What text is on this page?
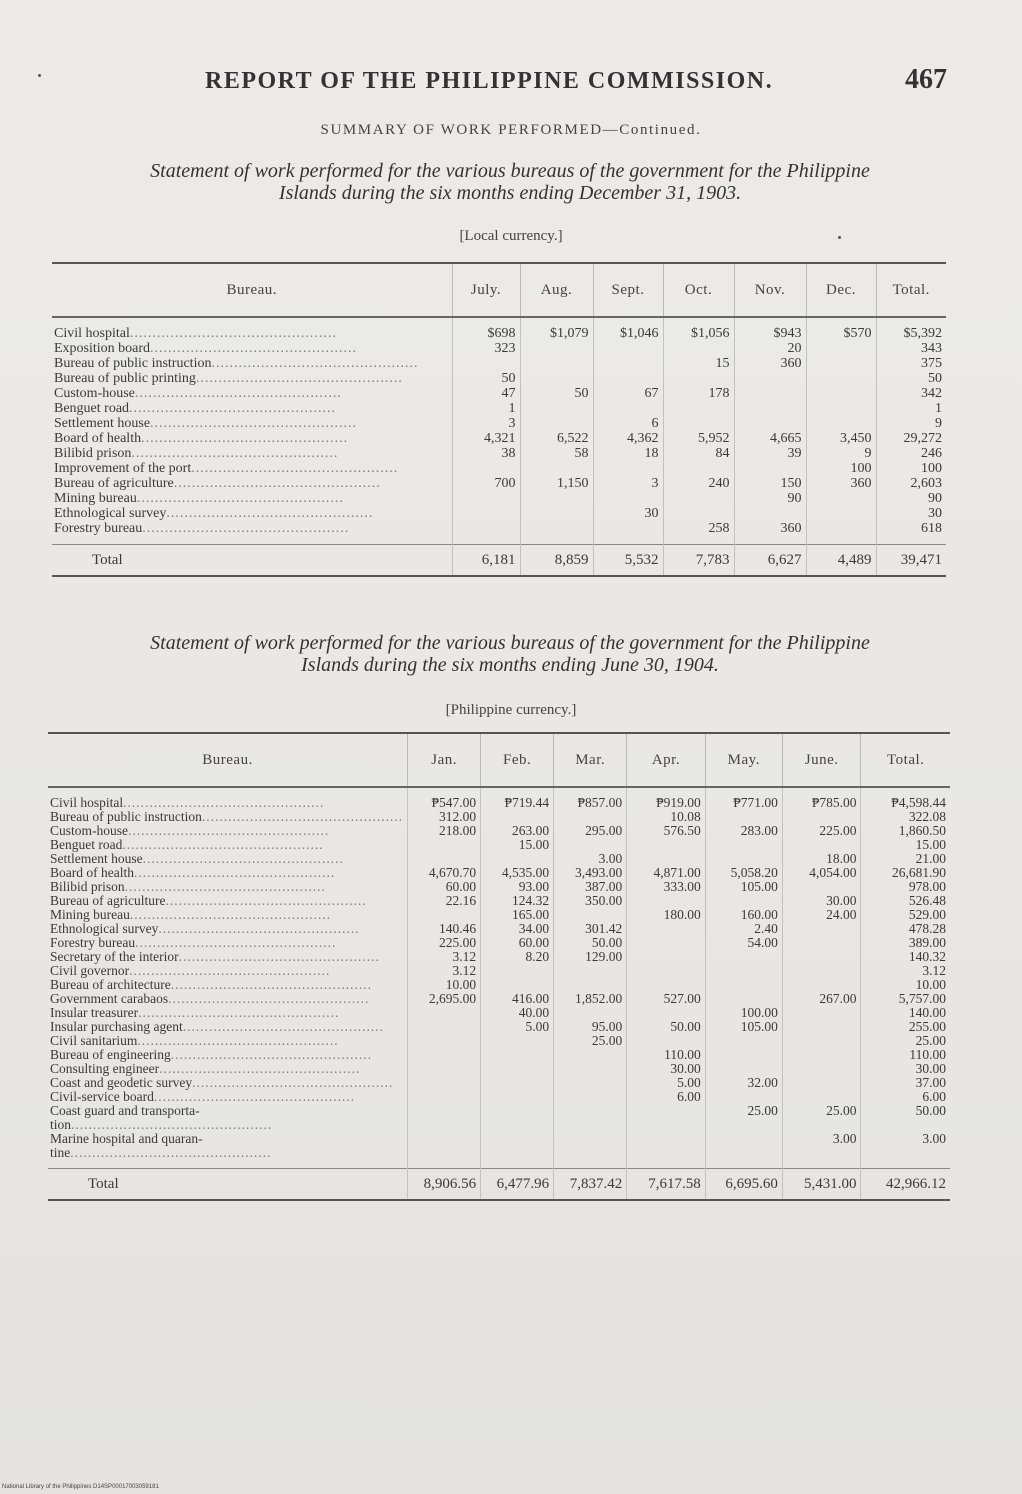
REPORT OF THE PHILIPPINE COMMISSION.	467
SUMMARY OF WORK PERFORMED—Continued.
Statement of work performed for the various bureaus of the government for the Philippine
Islands during the six months ending December 31, 1903.
[Local currency.]
Bureau.	July.	Aug.	Sept.	Oct.	Nov.	Dec.	Total.

Civil hospital..............................................	$698	$1,079	$1,046	$1,056	$943	$570	$5,392
Exposition board..............................................	323				20		343
Bureau of public instruction..............................................				15	360		375
Bureau of public printing..............................................	50						50
Custom-house..............................................	47	50	67	178			342
Benguet road..............................................	1						1
Settlement house..............................................	3		6				9
Board of health..............................................	4,321	6,522	4,362	5,952	4,665	3,450	29,272
Bilibid prison..............................................	38	58	18	84	39	9	246
Improvement of the port..............................................						100	100
Bureau of agriculture..............................................	700	1,150	3	240	150	360	2,603
Mining bureau..............................................					90		90
Ethnological survey..............................................			30				30
Forestry bureau..............................................				258	360		618

Total	6,181	8,859	5,532	7,783	6,627	4,489	39,471
Statement of work performed for the various bureaus of the government for the Philippine
Islands during the six months ending June 30, 1904.
[Philippine currency.]
Bureau.	Jan.	Feb.	Mar.	Apr.	May.	June.	Total.

Civil hospital..............................................	₱547.00	₱719.44	₱857.00	₱919.00	₱771.00	₱785.00	₱4,598.44
Bureau of public instruction..............................................	312.00			10.08			322.08
Custom-house..............................................	218.00	263.00	295.00	576.50	283.00	225.00	1,860.50
Benguet road..............................................		15.00					15.00
Settlement house..............................................			3.00			18.00	21.00
Board of health..............................................	4,670.70	4,535.00	3,493.00	4,871.00	5,058.20	4,054.00	26,681.90
Bilibid prison..............................................	60.00	93.00	387.00	333.00	105.00		978.00
Bureau of agriculture..............................................	22.16	124.32	350.00			30.00	526.48
Mining bureau..............................................		165.00		180.00	160.00	24.00	529.00
Ethnological survey..............................................	140.46	34.00	301.42		2.40		478.28
Forestry bureau..............................................	225.00	60.00	50.00		54.00		389.00
Secretary of the interior..............................................	3.12	8.20	129.00				140.32
Civil governor..............................................	3.12						3.12
Bureau of architecture..............................................	10.00						10.00
Government carabaos..............................................	2,695.00	416.00	1,852.00	527.00		267.00	5,757.00
Insular treasurer..............................................		40.00			100.00		140.00
Insular purchasing agent..............................................		5.00	95.00	50.00	105.00		255.00
Civil sanitarium..............................................			25.00				25.00
Bureau of engineering..............................................				110.00			110.00
Consulting engineer..............................................				30.00			30.00
Coast and geodetic survey..............................................				5.00	32.00		37.00
Civil-service board..............................................				6.00			6.00
Coast guard and transporta-					25.00	25.00	50.00
tion..............................................							
Marine hospital and quaran-						3.00	3.00
tine..............................................							

Total	8,906.56	6,477.96	7,837.42	7,617.58	6,695.60	5,431.00	42,966.12
National Library of the Philippines D14SP00017003059181
